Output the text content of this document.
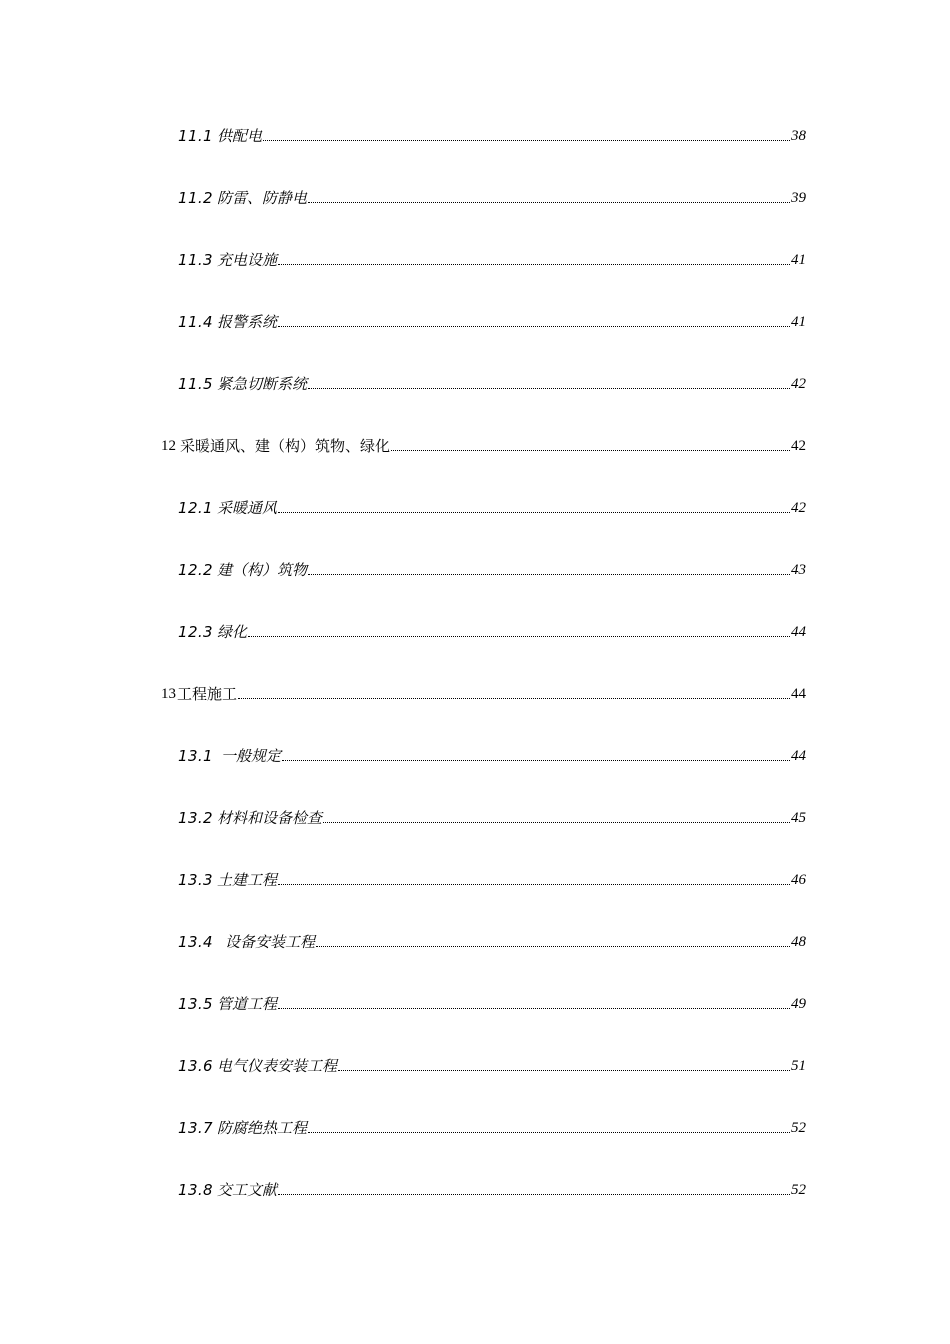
11.1 供配电	38
11.2 防雷、防静电	39
11.3 充电设施	41
11.4 报警系统	41
11.5 紧急切断系统	42
12 采暖通风、建（构）筑物、绿化	42
12.1 采暖通风	42
12.2 建（构）筑物	43
12.3 绿化	44
13 工程施工	44
13.1 一般规定	44
13.2 材料和设备检查	45
13.3 土建工程	46
13.4 设备安装工程	48
13.5 管道工程	49
13.6 电气仪表安装工程	51
13.7 防腐绝热工程	52
13.8 交工文献	52
